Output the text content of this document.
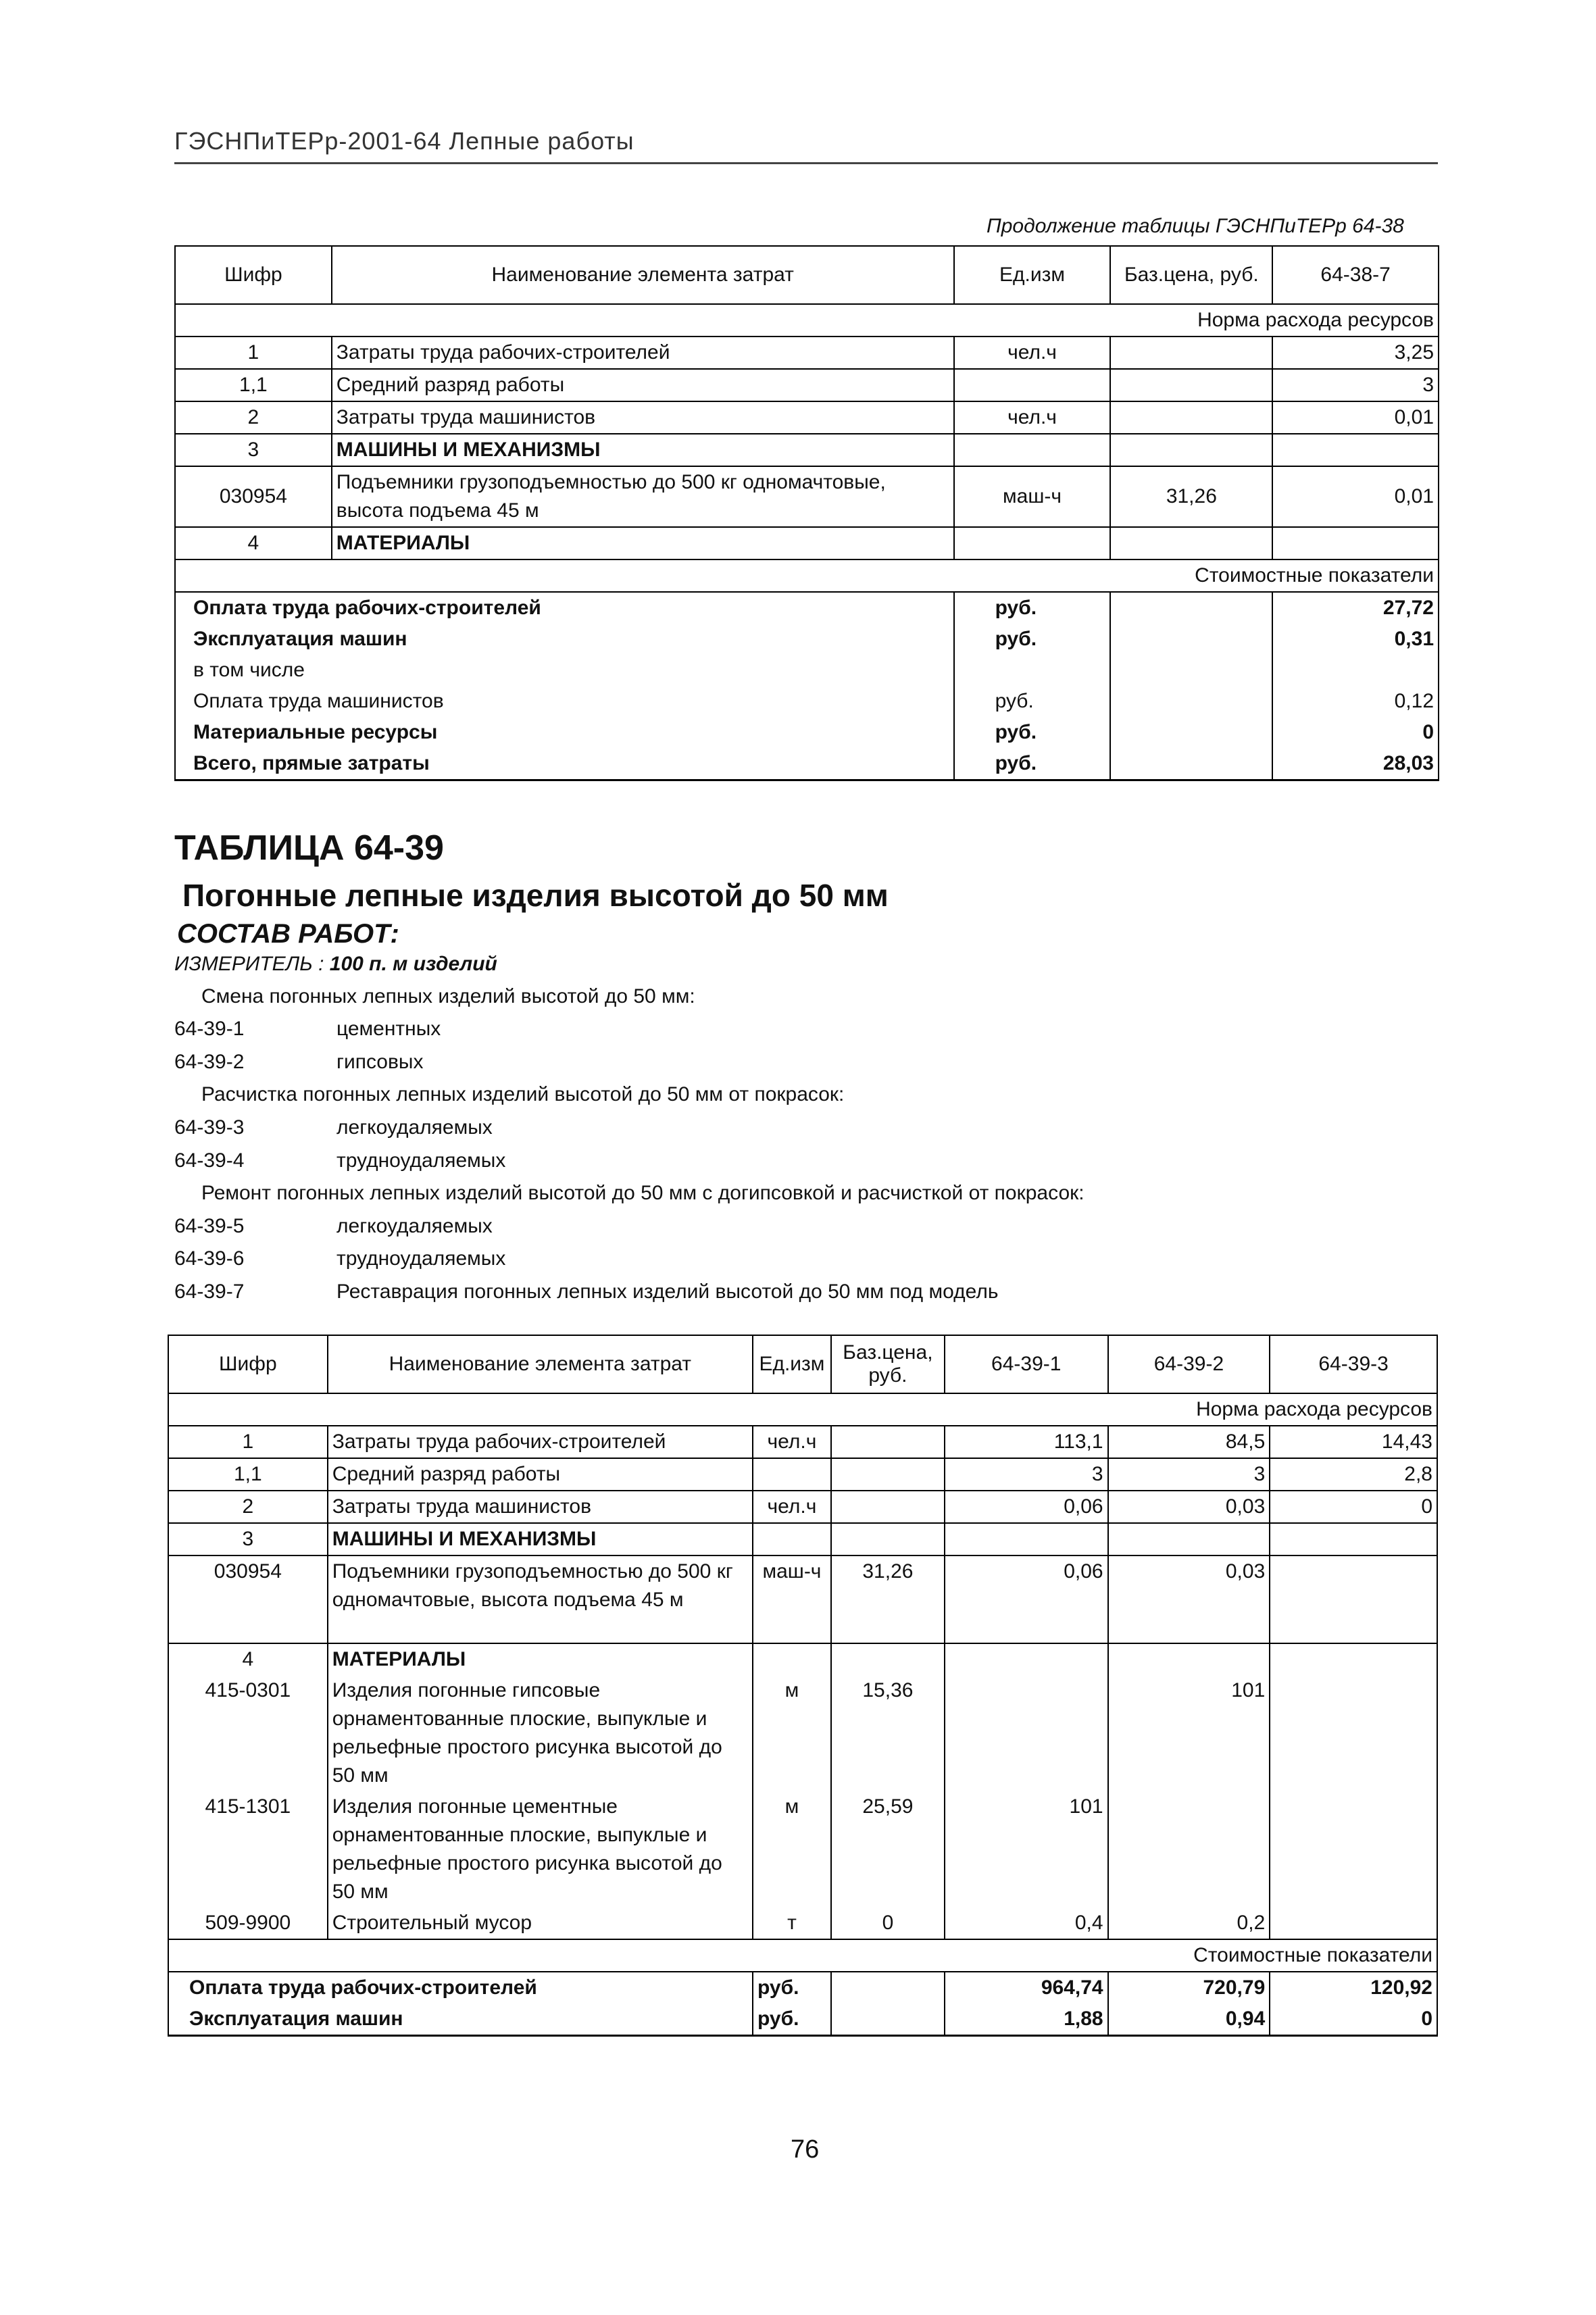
ГЭСНПиТЕРр-2001-64 Лепные работы
Продолжение таблицы ГЭСНПиТЕРр 64-38
Шифр	Наименование элемента затрат	Ед.изм	Баз.цена, руб.	64-38-7
Норма расхода ресурсов				
1	Затраты труда рабочих-строителей	чел.ч		3,25
1,1	Средний разряд работы			3
2	Затраты труда машинистов	чел.ч		0,01
3	МАШИНЫ И МЕХАНИЗМЫ			
030954	Подъемники грузоподъемностью до 500 кг одномачтовые, высота подъема 45 м	маш-ч	31,26	0,01
4	МАТЕРИАЛЫ			
Стоимостные показатели				
Оплата труда рабочих-строителей		руб.		27,72
Эксплуатация машин		руб.		0,31
в том числе				
Оплата труда машинистов		руб.		0,12
Материальные ресурсы		руб.		0
Всего, прямые затраты		руб.		28,03
ТАБЛИЦА 64-39
Погонные лепные изделия высотой до 50 мм
СОСТАВ РАБОТ:
ИЗМЕРИТЕЛЬ : 100 п. м изделий
Смена погонных лепных изделий высотой до 50 мм:
64-39-1	цементных
64-39-2	гипсовых
Расчистка погонных лепных изделий высотой до 50 мм от покрасок:
64-39-3	легкоудаляемых
64-39-4	трудноудаляемых
Ремонт погонных лепных изделий высотой до 50 мм с догипсовкой и расчисткой от покрасок:
64-39-5	легкоудаляемых
64-39-6	трудноудаляемых
64-39-7	Реставрация погонных лепных изделий высотой до 50 мм под модель
Шифр	Наименование элемента затрат	Ед.изм	Баз.цена, руб.	64-39-1	64-39-2	64-39-3
Норма расхода ресурсов						
1	Затраты труда рабочих-строителей	чел.ч		113,1	84,5	14,43
1,1	Средний разряд работы			3	3	2,8
2	Затраты труда машинистов	чел.ч		0,06	0,03	0
3	МАШИНЫ И МЕХАНИЗМЫ					
030954	Подъемники грузоподъемностью до 500 кг одномачтовые, высота подъема 45 м	маш-ч	31,26	0,06	0,03	
4	МАТЕРИАЛЫ					
415-0301	Изделия погонные гипсовые орнаментованные плоские, выпуклые и рельефные простого рисунка высотой до 50 мм	м	15,36		101	
415-1301	Изделия погонные цементные орнаментованные плоские, выпуклые и рельефные простого рисунка высотой до 50 мм	м	25,59	101		
509-9900	Строительный мусор	т	0	0,4	0,2	
Стоимостные показатели						
Оплата труда рабочих-строителей		руб.		964,74	720,79	120,92
Эксплуатация машин		руб.		1,88	0,94	0
76
